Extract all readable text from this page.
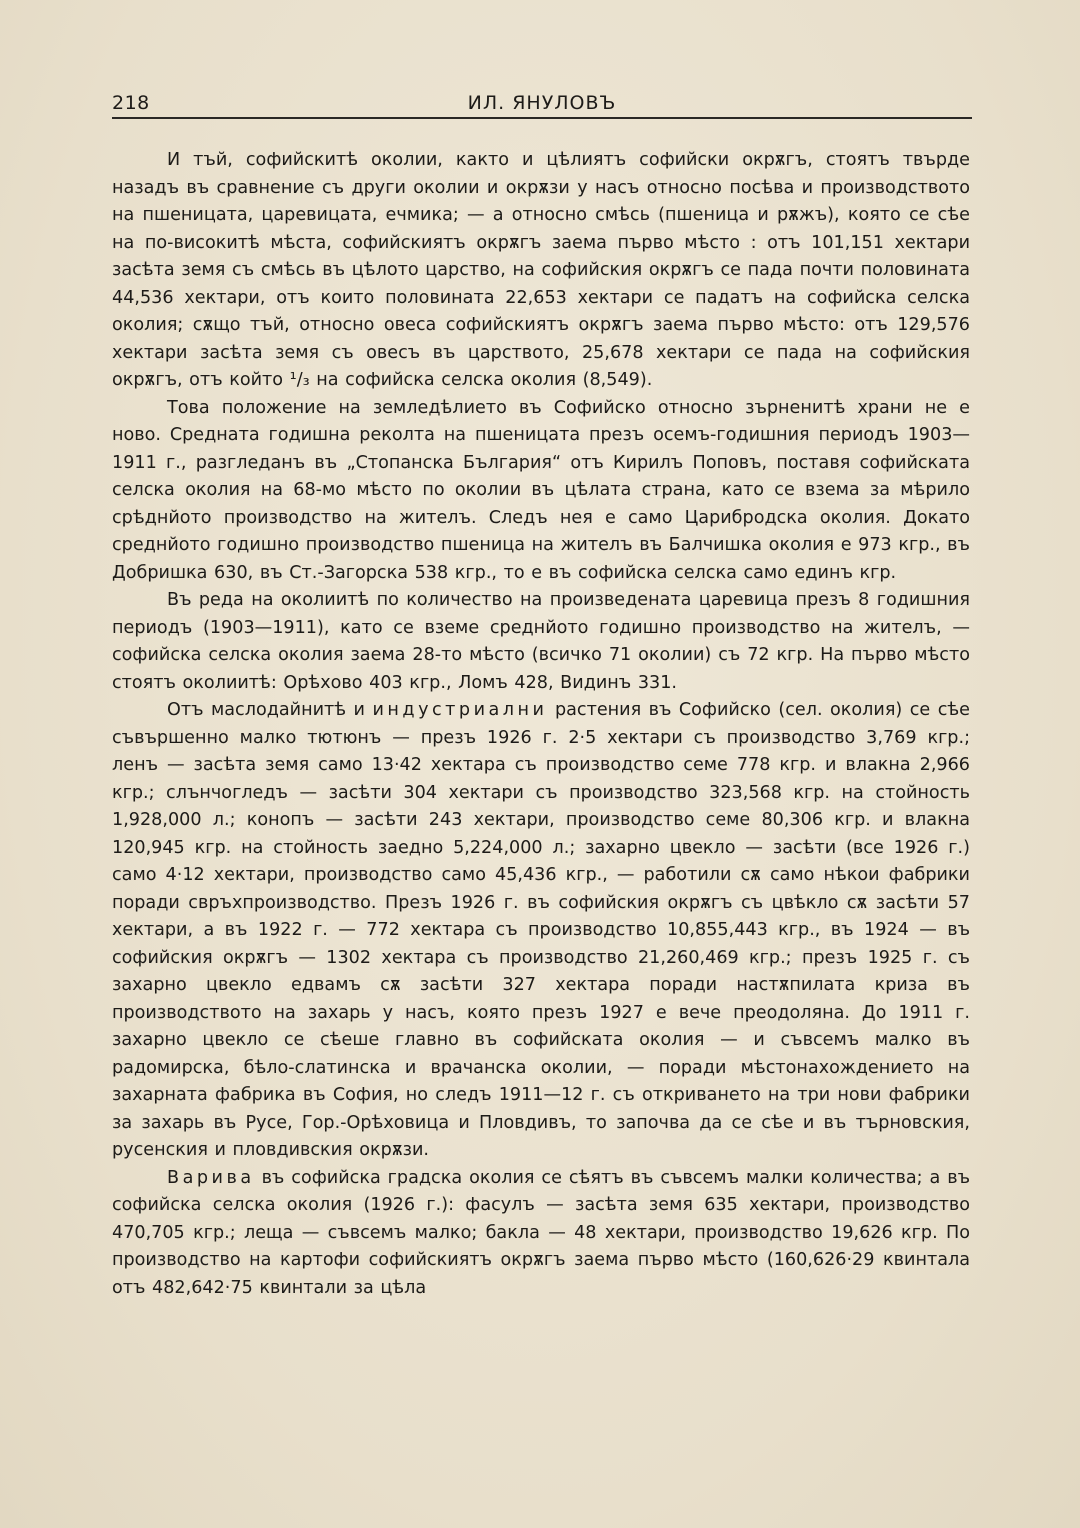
218	ИЛ. ЯНУЛОВЪ

И тъй, софийскитѣ околии, както и цѣлиятъ софийски окрѫгъ, стоятъ твърде назадъ въ сравнение съ други околии и окрѫзи у насъ относно посѣва и производството на пшеницата, царевицата, ечмика; — а относно смѣсь (пшеница и рѫжъ), която се сѣе на по-високитѣ мѣста, софийскиятъ окрѫгъ заема първо мѣсто : отъ 101,151 хектари засѣта земя съ смѣсь въ цѣлото царство, на софийския окрѫгъ се пада почти половината 44,536 хектари, отъ които половината 22,653 хектари се падатъ на софийска селска околия; сѫщо тъй, относно овеса софийскиятъ окрѫгъ заема първо мѣсто: отъ 129,576 хектари засѣта земя съ овесъ въ царството, 25,678 хектари се пада на софийския окрѫгъ, отъ който ¹/₃ на софийска селска околия (8,549).

Това положение на земледѣлието въ Софийско относно зърненитѣ храни не е ново. Средната годишна реколта на пшеницата презъ осемъ-годишния периодъ 1903—1911 г., разгледанъ въ „Стопанска България“ отъ Кирилъ Поповъ, поставя софийската селска околия на 68-мо мѣсто по околии въ цѣлата страна, като се взема за мѣрило срѣднйото производство на жителъ. Следъ нея е само Царибродска околия. Докато среднйото годишно производство пшеница на жителъ въ Балчишка околия е 973 кгр., въ Добришка 630, въ Ст.-Загорска 538 кгр., то е въ софийска селска само единъ кгр.

Въ реда на околиитѣ по количество на произведената царевица презъ 8 годишния периодъ (1903—1911), като се вземе среднйото годишно производство на жителъ, — софийска селска околия заема 28-то мѣсто (всичко 71 околии) съ 72 кгр. На първо мѣсто стоятъ околиитѣ: Орѣхово 403 кгр., Ломъ 428, Видинъ 331.

Отъ маслодайнитѣ и индустриални растения въ Софийско (сел. околия) се сѣе съвършенно малко тютюнъ — презъ 1926 г. 2·5 хектари съ производство 3,769 кгр.; ленъ — засѣта земя само 13·42 хектара съ производство семе 778 кгр. и влакна 2,966 кгр.; слънчогледъ — засѣти 304 хектари съ производство 323,568 кгр. на стойность 1,928,000 л.; конопъ — засѣти 243 хектари, производство семе 80,306 кгр. и влакна 120,945 кгр. на стойность заедно 5,224,000 л.; захарно цвекло — засѣти (все 1926 г.) само 4·12 хектари, производство само 45,436 кгр., — работили сѫ само нѣкои фабрики поради свръхпроизводство. Презъ 1926 г. въ софийския окрѫгъ съ цвѣкло сѫ засѣти 57 хектари, а въ 1922 г. — 772 хектара съ производство 10,855,443 кгр., въ 1924 — въ софийския окрѫгъ — 1302 хектара съ производство 21,260,469 кгр.; презъ 1925 г. съ захарно цвекло едвамъ сѫ засѣти 327 хектара поради настѫпилата криза въ производството на захарь у насъ, която презъ 1927 е вече преодоляна. До 1911 г. захарно цвекло се сѣеше главно въ софийската околия — и съвсемъ малко въ радомирска, бѣло-слатинска и врачанска околии, — поради мѣстонахождението на захарната фабрика въ София, но следъ 1911—12 г. съ откриването на три нови фабрики за захарь въ Русе, Гор.-Орѣховица и Пловдивъ, то започва да се сѣе и въ търновския, русенския и пловдивския окрѫзи.

Варива въ софийска градска околия се сѣятъ въ съвсемъ малки количества; а въ софийска селска околия (1926 г.): фасулъ — засѣта земя 635 хектари, производство 470,705 кгр.; леща — съвсемъ малко; бакла — 48 хектари, производство 19,626 кгр. По производство на картофи софийскиятъ окрѫгъ заема първо мѣсто (160,626·29 квинтала отъ 482,642·75 квинтали за цѣла
